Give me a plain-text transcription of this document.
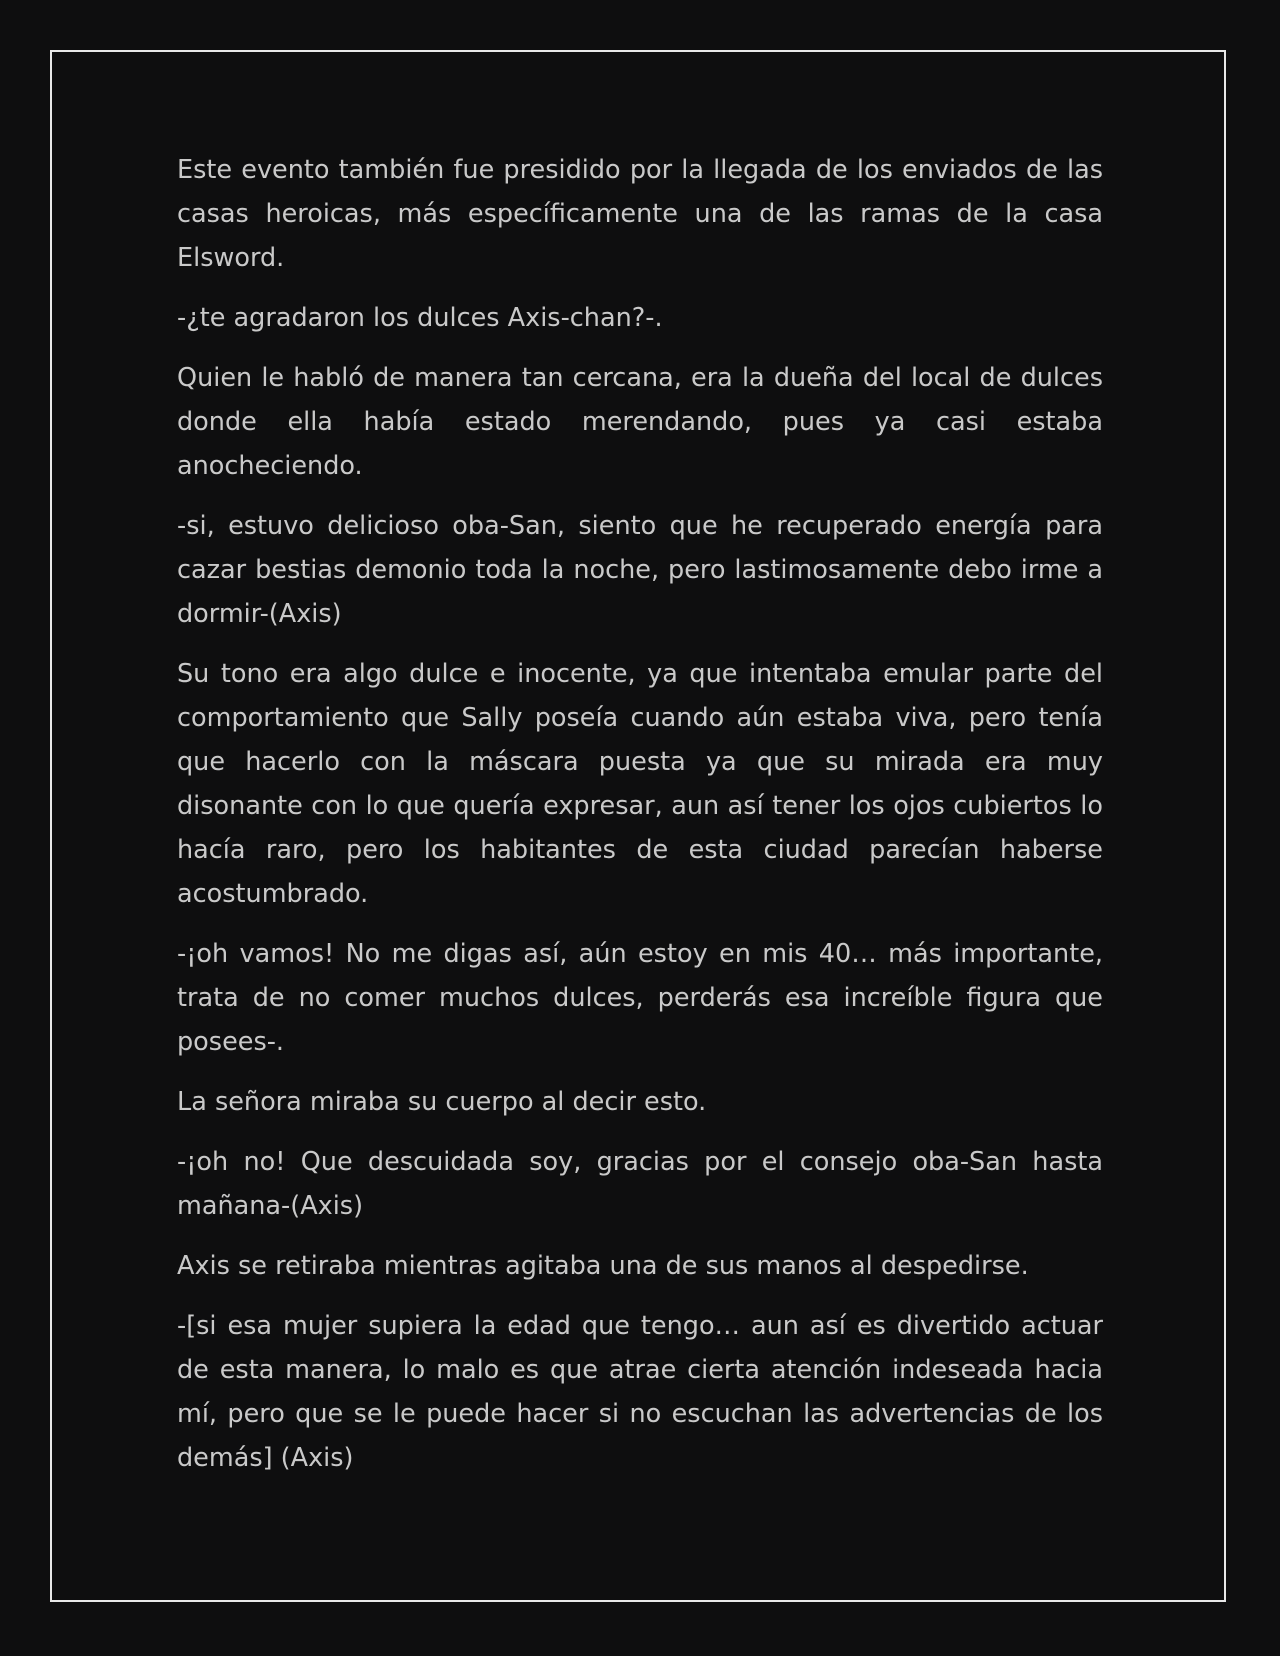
Este evento también fue presidido por la llegada de los enviados de las casas heroicas, más específicamente una de las ramas de la casa Elsword.

-¿te agradaron los dulces Axis-chan?-.

Quien le habló de manera tan cercana, era la dueña del local de dulces donde ella había estado merendando, pues ya casi estaba anocheciendo.

-si, estuvo delicioso oba-San, siento que he recuperado energía para cazar bestias demonio toda la noche, pero lastimosamente debo irme a dormir-(Axis)

Su tono era algo dulce e inocente, ya que intentaba emular parte del comportamiento que Sally poseía cuando aún estaba viva, pero tenía que hacerlo con la máscara puesta ya que su mirada era muy disonante con lo que quería expresar, aun así tener los ojos cubiertos lo hacía raro, pero los habitantes de esta ciudad parecían haberse acostumbrado.

-¡oh vamos! No me digas así, aún estoy en mis 40… más importante, trata de no comer muchos dulces, perderás esa increíble figura que posees-.

La señora miraba su cuerpo al decir esto.

-¡oh no! Que descuidada soy, gracias por el consejo oba-San hasta mañana-(Axis)

Axis se retiraba mientras agitaba una de sus manos al despedirse.

-[si esa mujer supiera la edad que tengo… aun así es divertido actuar de esta manera, lo malo es que atrae cierta atención indeseada hacia mí, pero que se le puede hacer si no escuchan las advertencias de los demás] (Axis)
